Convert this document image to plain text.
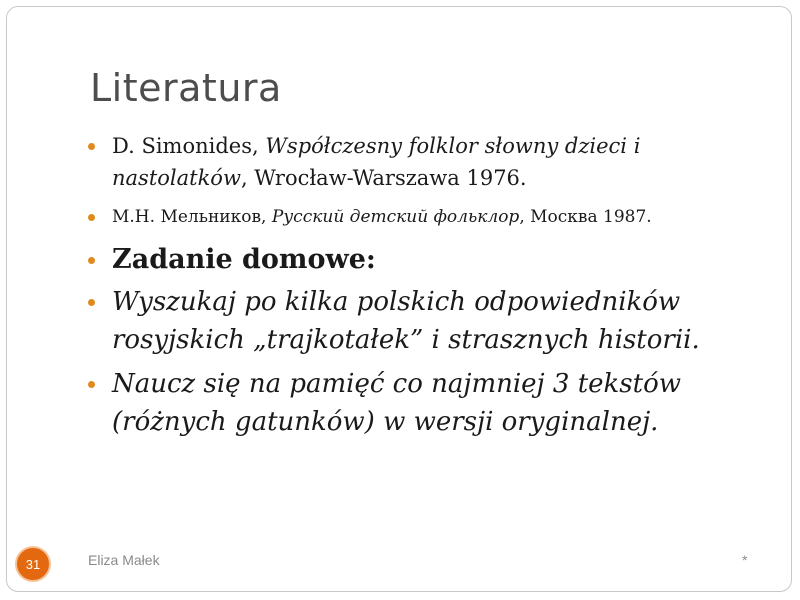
Literatura
D. Simonides, Współczesny folklor słowny dzieci i nastolatków, Wrocław-Warszawa 1976.
М.Н. Мельников, Русский детский фольклор, Москва 1987.
Zadanie domowe:
Wyszukaj po kilka polskich odpowiedników rosyjskich „trajkotałek” i strasznych historii.
Naucz się na pamięć co najmniej 3 tekstów (różnych gatunków) w wersji oryginalnej.
31	Eliza Małek	*
